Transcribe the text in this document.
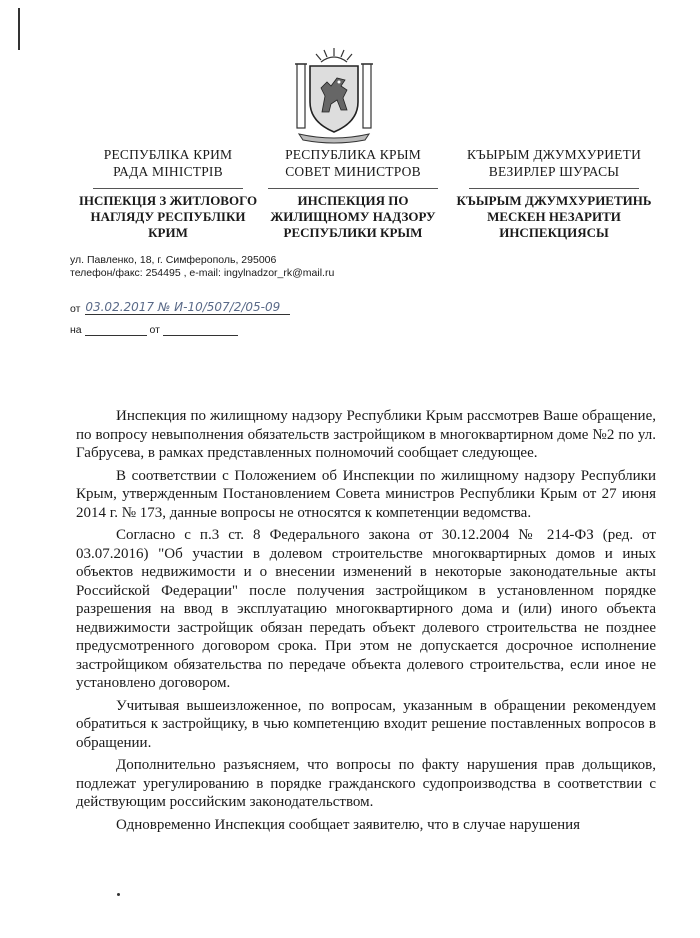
РЕСПУБЛІКА КРИМ
РАДА МІНІСТРІВ
ІНСПЕКЦІЯ З ЖИТЛОВОГО
НАГЛЯДУ РЕСПУБЛІКИ
КРИМ
РЕСПУБЛИКА КРЫМ
СОВЕТ МИНИСТРОВ
ИНСПЕКЦИЯ ПО
ЖИЛИЩНОМУ НАДЗОРУ
РЕСПУБЛИКИ КРЫМ
КЪЫРЫМ ДЖУМХУРИЕТИ
ВЕЗИРЛЕР ШУРАСЫ
КЪЫРЫМ ДЖУМХУРИЕТИНЬ
МЕСКЕН НЕЗАРИТИ
ИНСПЕКЦИЯСЫ
ул. Павленко, 18, г. Симферополь, 295006
телефон/факс: 254495 , e-mail: ingylnadzor_rk@mail.ru
от 03.02.2017 № И-10/507/2/05-09
на	от

Инспекция по жилищному надзору Республики Крым рассмотрев Ваше обращение, по вопросу невыполнения обязательств застройщиком в многоквартирном доме №2 по ул. Габрусева, в рамках представленных полномочий сообщает следующее.

В соответствии с Положением об Инспекции по жилищному надзору Республики Крым, утвержденным Постановлением Совета министров Республики Крым от 27 июня 2014 г. № 173, данные вопросы не относятся к компетенции ведомства.

Согласно с п.3 ст. 8 Федерального закона от 30.12.2004 № 214-ФЗ (ред. от 03.07.2016) "Об участии в долевом строительстве многоквартирных домов и иных объектов недвижимости и о внесении изменений в некоторые законодательные акты Российской Федерации" после получения застройщиком в установленном порядке разрешения на ввод в эксплуатацию многоквартирного дома и (или) иного объекта недвижимости застройщик обязан передать объект долевого строительства не позднее предусмотренного договором срока. При этом не допускается досрочное исполнение застройщиком обязательства по передаче объекта долевого строительства, если иное не установлено договором.

Учитывая вышеизложенное, по вопросам, указанным в обращении рекомендуем обратиться к застройщику, в чью компетенцию входит решение поставленных вопросов в обращении.

Дополнительно разъясняем, что вопросы по факту нарушения прав дольщиков, подлежат урегулированию в порядке гражданского судопроизводства в соответствии с действующим российским законодательством.

Одновременно Инспекция сообщает заявителю, что в случае нарушения
